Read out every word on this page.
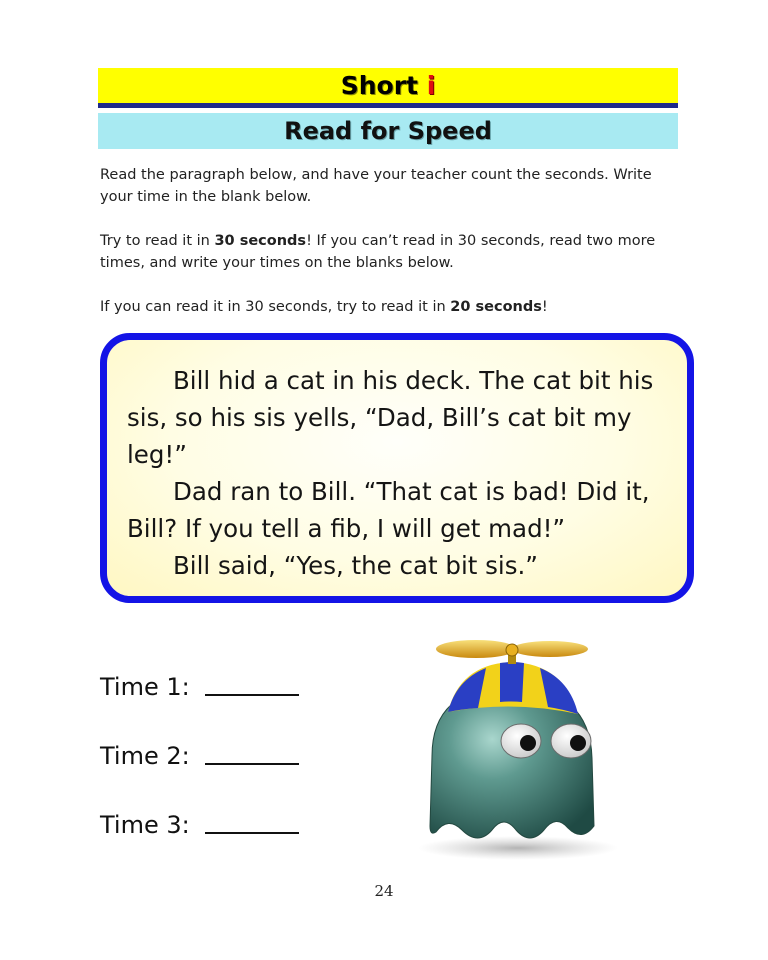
Short i
Read for Speed

Read the paragraph below, and have your teacher count the seconds. Write your time in the blank below.

Try to read it in 30 seconds! If you can’t read in 30 seconds, read two more times, and write your times on the blanks below.

If you can read it in 30 seconds, try to read it in 20 seconds!

Bill hid a cat in his deck. The cat bit his sis, so his sis yells, “Dad, Bill’s cat bit my leg!”

Dad ran to Bill. “That cat is bad! Did it, Bill? If you tell a fib, I will get mad!”

Bill said, “Yes, the cat bit sis.”

Time 1:
Time 2:
Time 3:
24
